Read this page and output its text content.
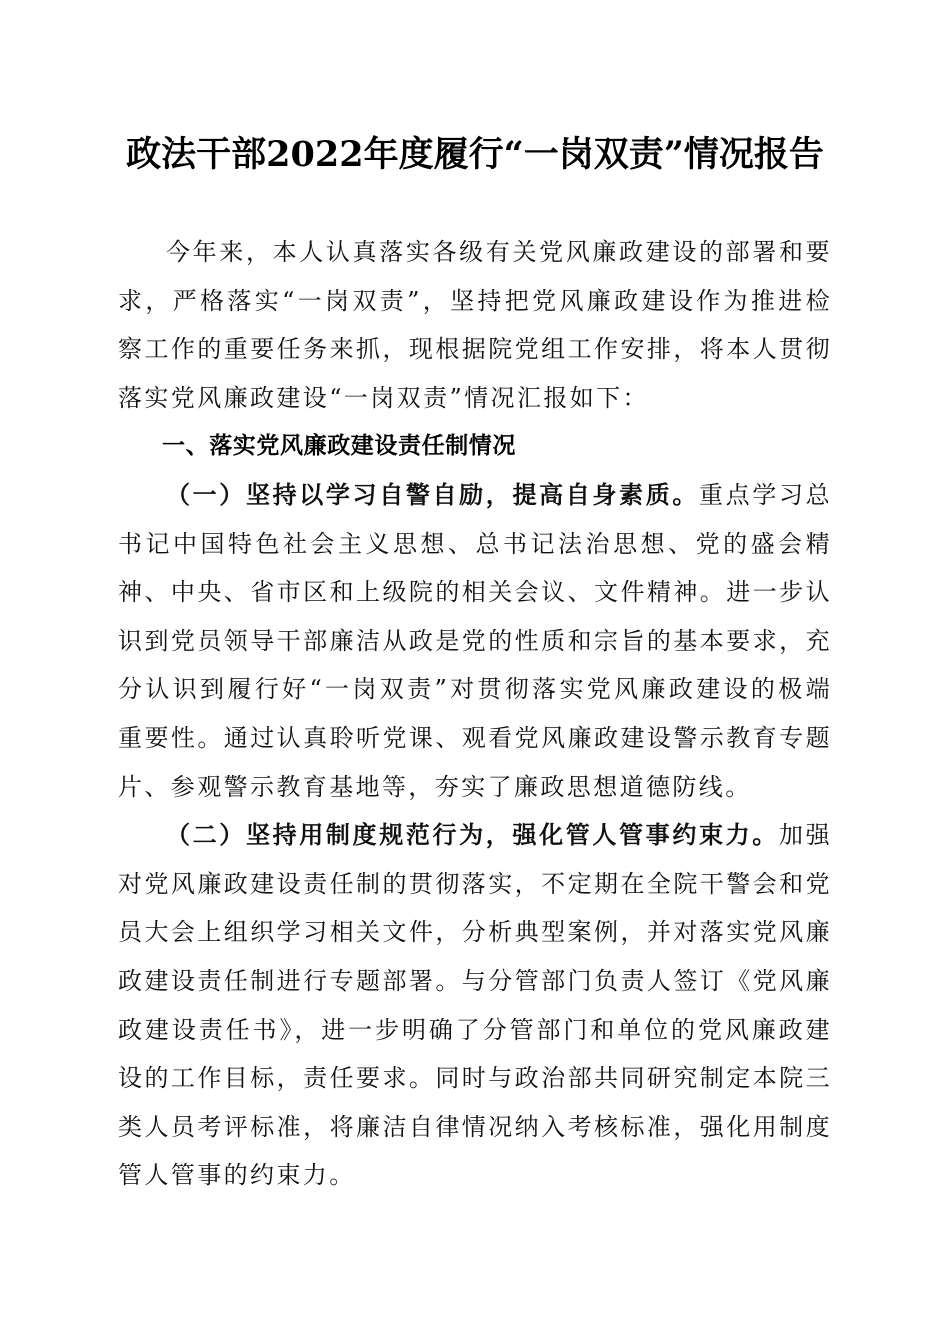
政法干部2022年度履行“一岗双责”情况报告

今年来，本人认真落实各级有关党风廉政建设的部署和要求，严格落实“一岗双责”，坚持把党风廉政建设作为推进检察工作的重要任务来抓，现根据院党组工作安排，将本人贯彻落实党风廉政建设“一岗双责”情况汇报如下：

一、落实党风廉政建设责任制情况

（一）坚持以学习自警自励，提高自身素质。重点学习总书记中国特色社会主义思想、总书记法治思想、党的盛会精神、中央、省市区和上级院的相关会议、文件精神。进一步认识到党员领导干部廉洁从政是党的性质和宗旨的基本要求，充分认识到履行好“一岗双责”对贯彻落实党风廉政建设的极端重要性。通过认真聆听党课、观看党风廉政建设警示教育专题片、参观警示教育基地等，夯实了廉政思想道德防线。

（二）坚持用制度规范行为，强化管人管事约束力。加强对党风廉政建设责任制的贯彻落实，不定期在全院干警会和党员大会上组织学习相关文件，分析典型案例，并对落实党风廉政建设责任制进行专题部署。与分管部门负责人签订《党风廉政建设责任书》，进一步明确了分管部门和单位的党风廉政建设的工作目标，责任要求。同时与政治部共同研究制定本院三类人员考评标准，将廉洁自律情况纳入考核标准，强化用制度管人管事的约束力。
